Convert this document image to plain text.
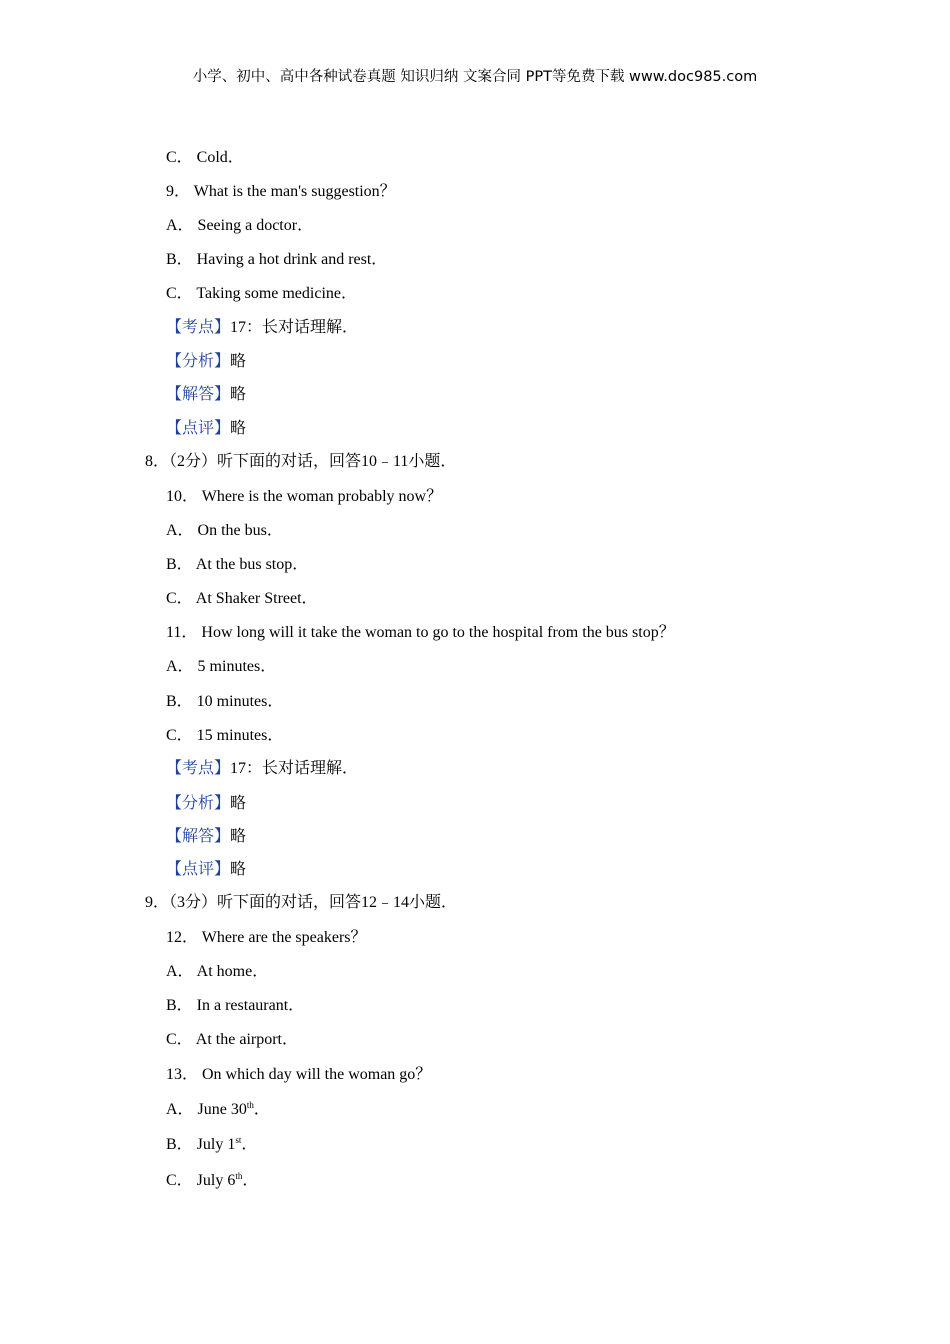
小学、初中、高中各种试卷真题 知识归纳 文案合同 PPT等免费下载 www.doc985.com
C． Cold．
9． What is the man's suggestion？
A． Seeing a doctor．
B． Having a hot drink and rest．
C． Taking some medicine．
【考点】17：长对话理解．
【分析】略
【解答】略
【点评】略
8．（2分）听下面的对话，回答10﹣11小题．
10． Where is the woman probably now？
A． On the bus．
B． At the bus stop．
C． At Shaker Street．
11． How long will it take the woman to go to the hospital from the bus stop？
A． 5 minutes．
B． 10 minutes．
C． 15 minutes．
【考点】17：长对话理解．
【分析】略
【解答】略
【点评】略
9．（3分）听下面的对话，回答12﹣14小题．
12． Where are the speakers？
A． At home．
B． In a restaurant．
C． At the airport．
13． On which day will the woman go？
A． June 30th．
B． July 1st．
C． July 6th．
